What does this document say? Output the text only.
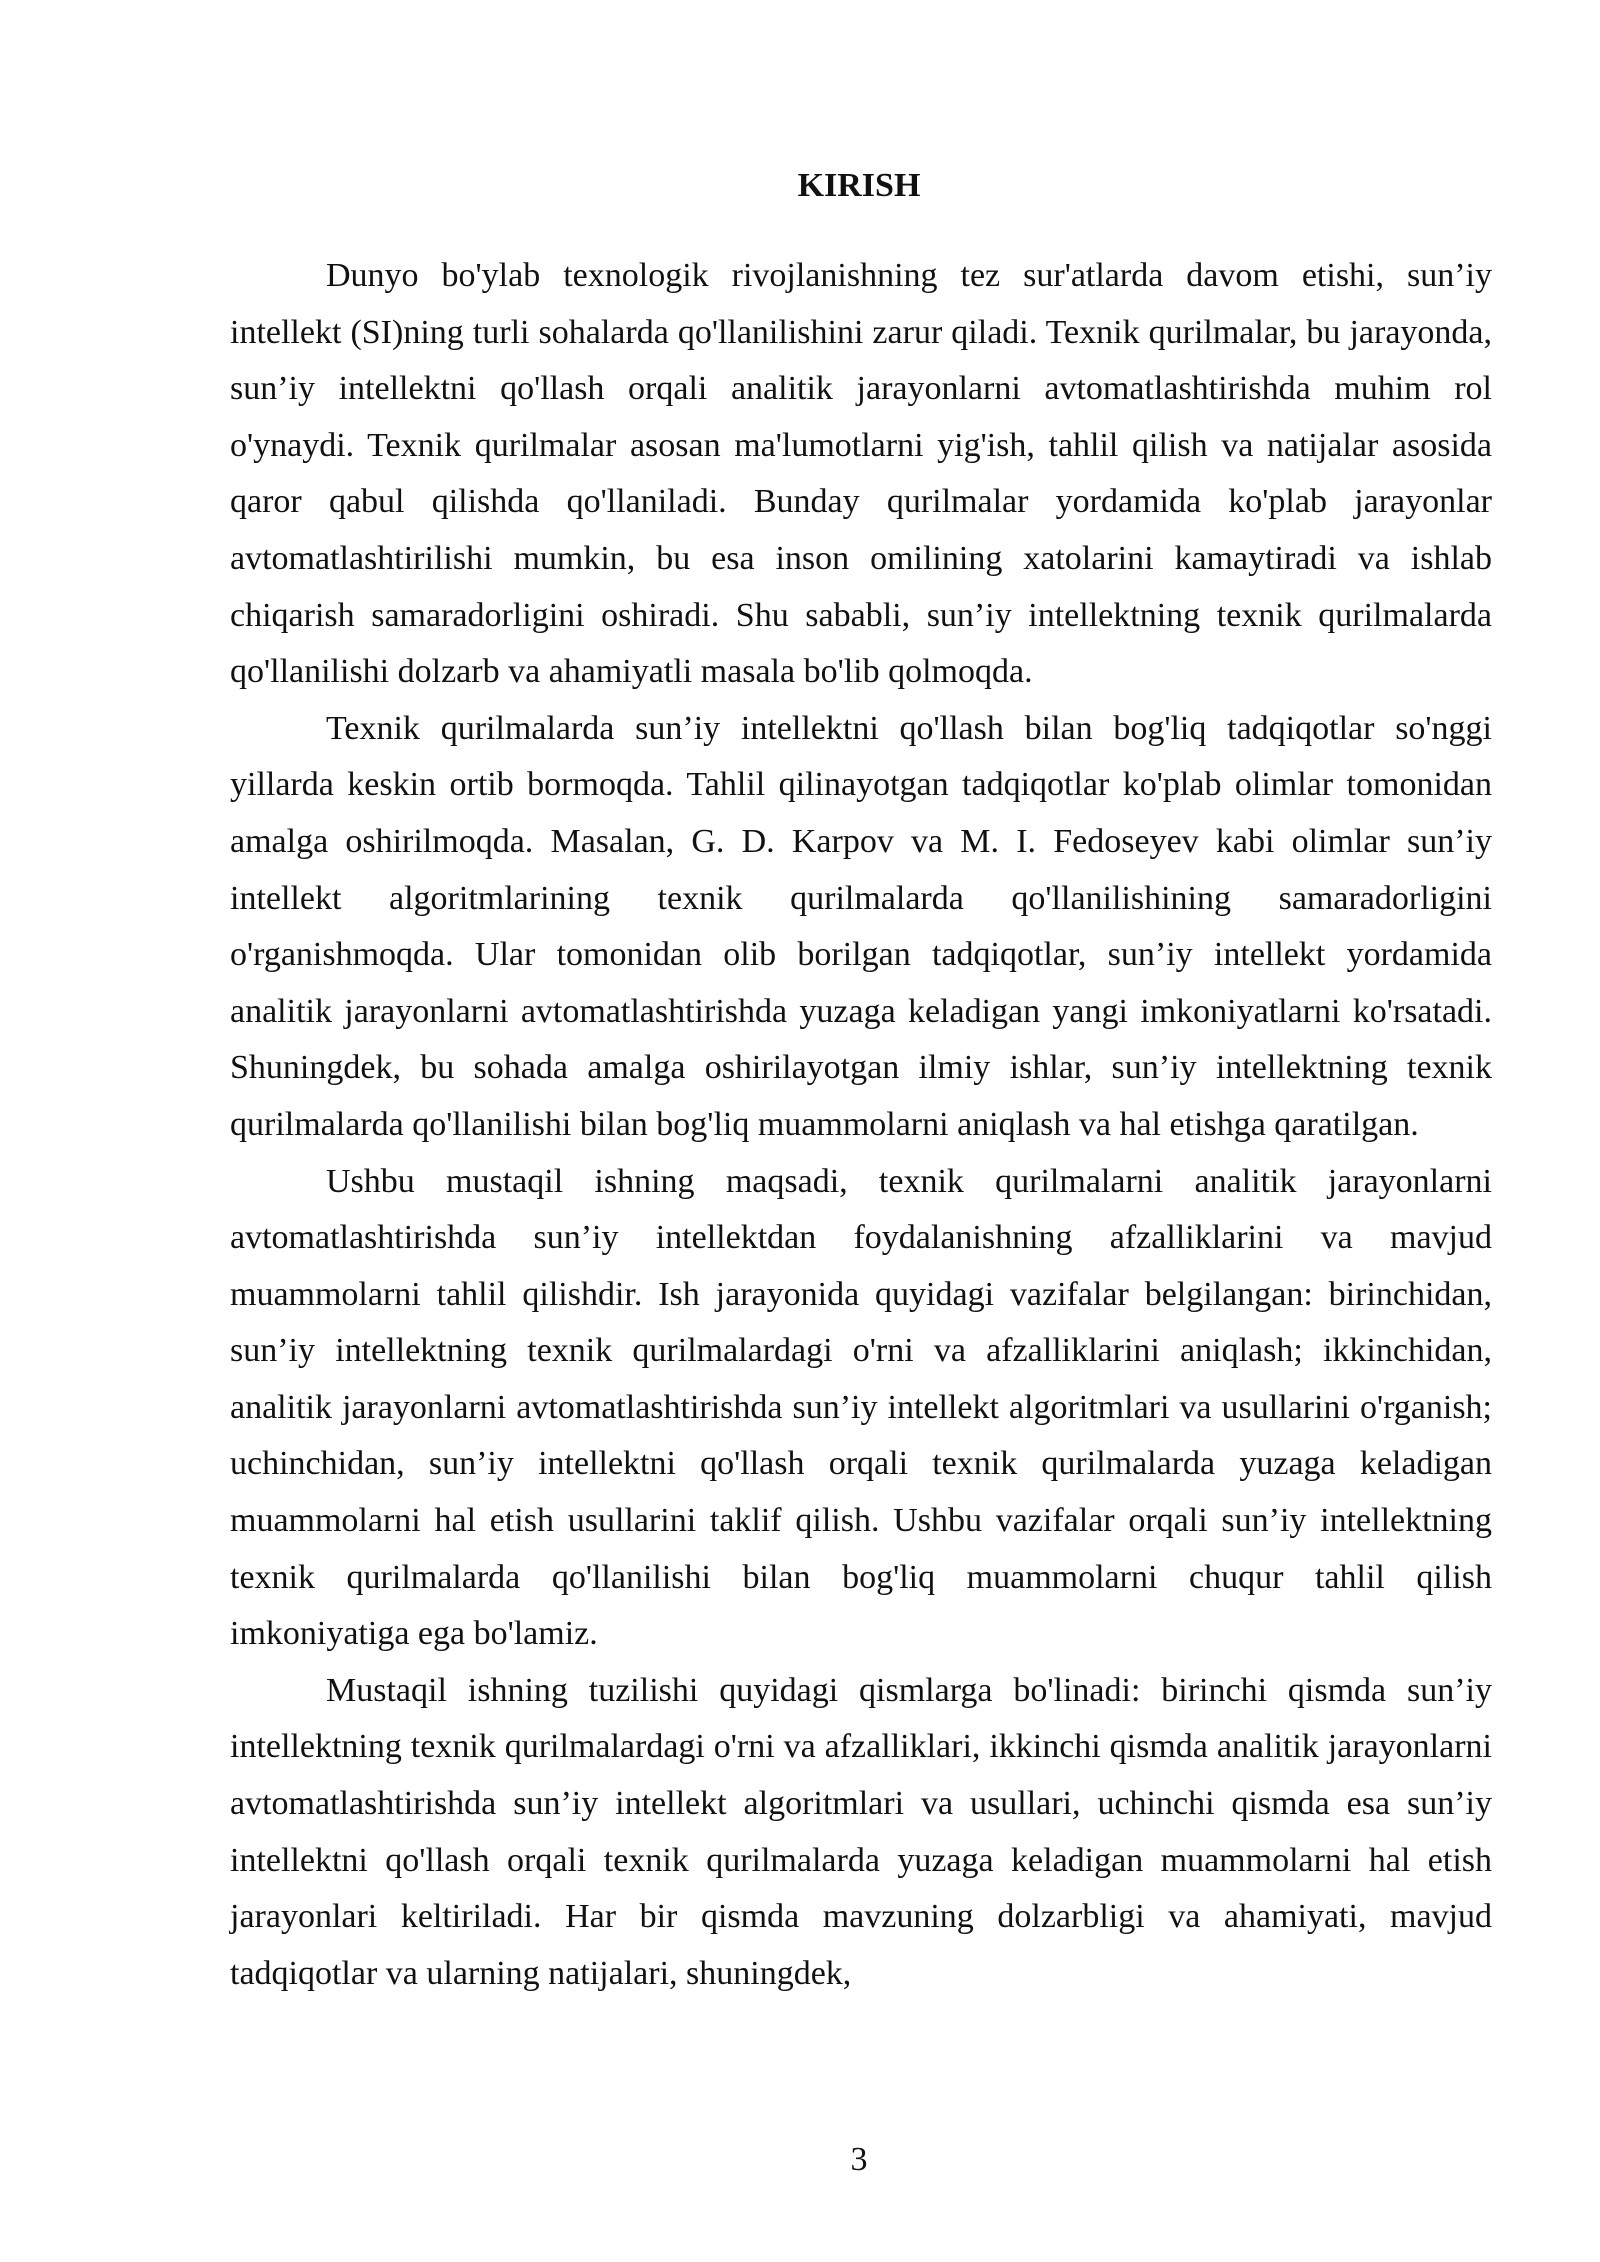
KIRISH

Dunyo bo'ylab texnologik rivojlanishning tez sur'atlarda davom etishi, sun’iy intellekt (SI)ning turli sohalarda qo'llanilishini zarur qiladi. Texnik qurilmalar, bu jarayonda, sun’iy intellektni qo'llash orqali analitik jarayonlarni avtomatlashtirishda muhim rol o'ynaydi. Texnik qurilmalar asosan ma'lumotlarni yig'ish, tahlil qilish va natijalar asosida qaror qabul qilishda qo'llaniladi. Bunday qurilmalar yordamida ko'plab jarayonlar avtomatlashtirilishi mumkin, bu esa inson omilining xatolarini kamaytiradi va ishlab chiqarish samaradorligini oshiradi. Shu sababli, sun’iy intellektning texnik qurilmalarda qo'llanilishi dolzarb va ahamiyatli masala bo'lib qolmoqda.

Texnik qurilmalarda sun’iy intellektni qo'llash bilan bog'liq tadqiqotlar so'nggi yillarda keskin ortib bormoqda. Tahlil qilinayotgan tadqiqotlar ko'plab olimlar tomonidan amalga oshirilmoqda. Masalan, G. D. Karpov va M. I. Fedoseyev kabi olimlar sun’iy intellekt algoritmlarining texnik qurilmalarda qo'llanilishining samaradorligini o'rganishmoqda. Ular tomonidan olib borilgan tadqiqotlar, sun’iy intellekt yordamida analitik jarayonlarni avtomatlashtirishda yuzaga keladigan yangi imkoniyatlarni ko'rsatadi. Shuningdek, bu sohada amalga oshirilayotgan ilmiy ishlar, sun’iy intellektning texnik qurilmalarda qo'llanilishi bilan bog'liq muammolarni aniqlash va hal etishga qaratilgan.

Ushbu mustaqil ishning maqsadi, texnik qurilmalarni analitik jarayonlarni avtomatlashtirishda sun’iy intellektdan foydalanishning afzalliklarini va mavjud muammolarni tahlil qilishdir. Ish jarayonida quyidagi vazifalar belgilangan: birinchidan, sun’iy intellektning texnik qurilmalardagi o'rni va afzalliklarini aniqlash; ikkinchidan, analitik jarayonlarni avtomatlashtirishda sun’iy intellekt algoritmlari va usullarini o'rganish; uchinchidan, sun’iy intellektni qo'llash orqali texnik qurilmalarda yuzaga keladigan muammolarni hal etish usullarini taklif qilish. Ushbu vazifalar orqali sun’iy intellektning texnik qurilmalarda qo'llanilishi bilan bog'liq muammolarni chuqur tahlil qilish imkoniyatiga ega bo'lamiz.

Mustaqil ishning tuzilishi quyidagi qismlarga bo'linadi: birinchi qismda sun’iy intellektning texnik qurilmalardagi o'rni va afzalliklari, ikkinchi qismda analitik jarayonlarni avtomatlashtirishda sun’iy intellekt algoritmlari va usullari, uchinchi qismda esa sun’iy intellektni qo'llash orqali texnik qurilmalarda yuzaga keladigan muammolarni hal etish jarayonlari keltiriladi. Har bir qismda mavzuning dolzarbligi va ahamiyati, mavjud tadqiqotlar va ularning natijalari, shuningdek,

3
